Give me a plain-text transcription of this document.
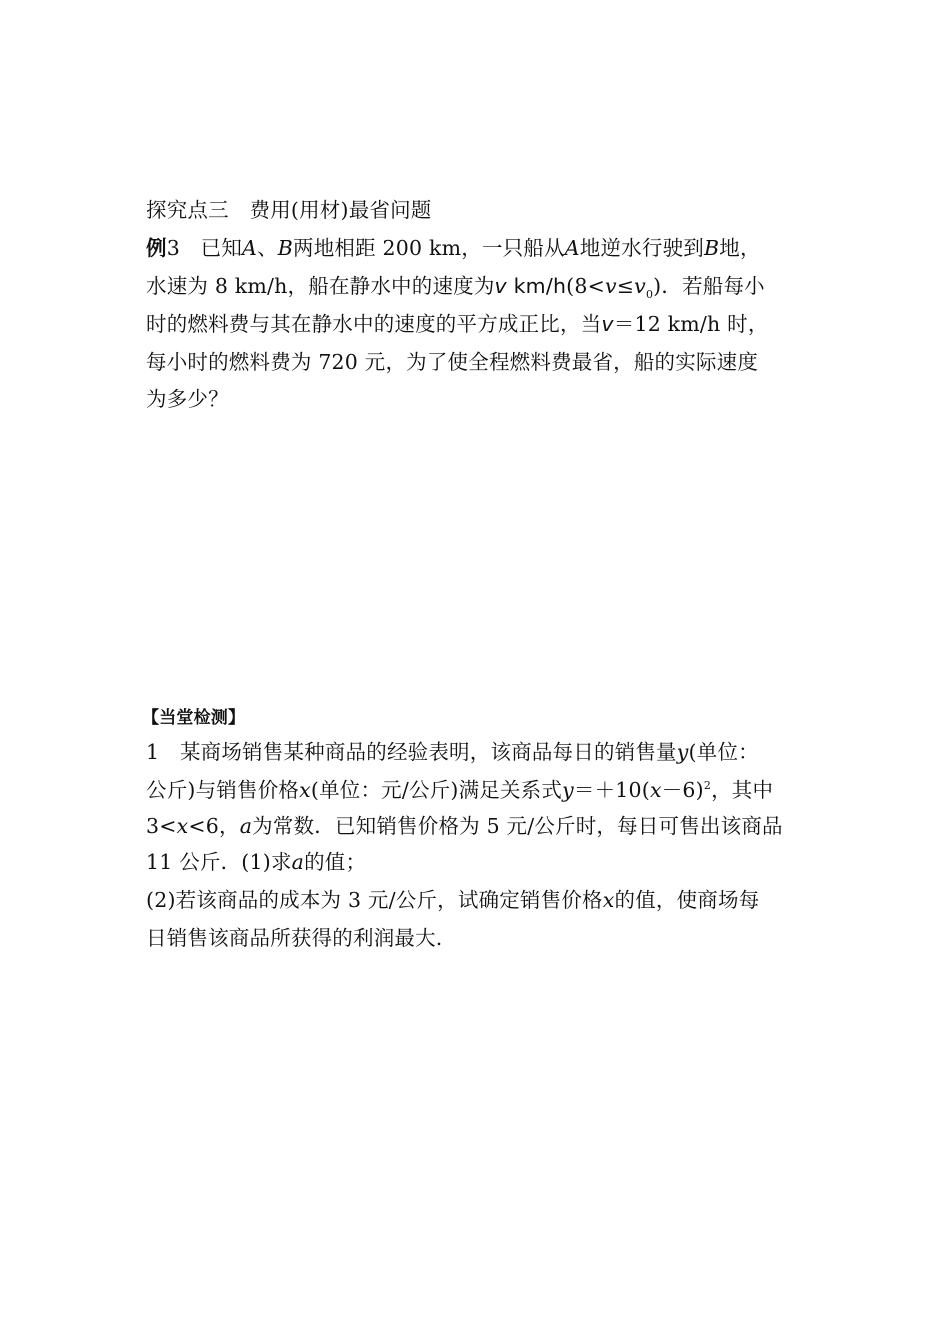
探究点三　费用(用材)最省问题
例3　已知A、B两地相距 200 km，一只船从A地逆水行驶到B地，
水速为 8 km/h，船在静水中的速度为v $km/h(8<v\le v_0)$．若船每小
时的燃料费与其在静水中的速度的平方成正比，当v＝12 km/h 时，
每小时的燃料费为 720 元，为了使全程燃料费最省，船的实际速度
为多少？
【当堂检测】
1　某商场销售某种商品的经验表明，该商品每日的销售量y(单位：
公斤)与销售价格x(单位：元/公斤)满足关系式$y=+10(x-6)^2$，其中
3<x<6，a为常数．已知销售价格为 5 元/公斤时，每日可售出该商品
11 公斤．(1)求a的值；
(2)若该商品的成本为 3 元/公斤，试确定销售价格x的值，使商场每
日销售该商品所获得的利润最大.
